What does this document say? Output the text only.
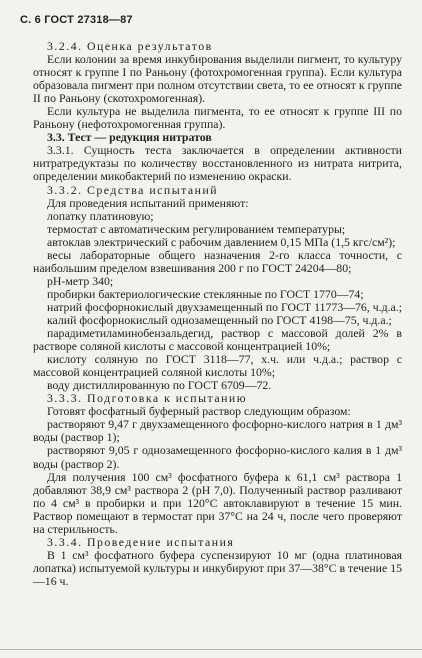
С. 6 ГОСТ 27318—87

3.2.4. Оценка результатов

Если колонии за время инкубирования выделили пигмент, то культуру относят к группе I по Раньону (фотохромогенная группа). Если культура образовала пигмент при полном отсутствии света, то ее относят к группе II по Раньону (скотохромогенная).

Если культура не выделила пигмента, то ее относят к группе III по Раньону (нефотохромогенная группа).

3.3. Тест — редукция нитратов

3.3.1. Сущность теста заключается в определении активности нитратредуктазы по количеству восстановленного из нитрата нитрита, определении микобактерий по изменению окраски.

3.3.2. Средства испытаний

Для проведения испытаний применяют:

лопатку платиновую;

термостат с автоматическим регулированием температуры;

автоклав электрический с рабочим давлением 0,15 МПа (1,5 кгс/см²);

весы лабораторные общего назначения 2-го класса точности, с наибольшим пределом взвешивания 200 г по ГОСТ 24204—80;

рН-метр 340;

пробирки бактериологические стеклянные по ГОСТ 1770—74;

натрий фосфорнокислый двухзамещенный по ГОСТ 11773—76, ч.д.а.;

калий фосфорнокислый однозамещенный по ГОСТ 4198—75, ч.д.а.;

парадиметиламинобензальдегид, раствор с массовой долей 2% в растворе соляной кислоты с массовой концентрацией 10%;

кислоту соляную по ГОСТ 3118—77, х.ч. или ч.д.а.; раствор с массовой концентрацией соляной кислоты 10%;

воду дистиллированную по ГОСТ 6709—72.

3.3.3. Подготовка к испытанию

Готовят фосфатный буферный раствор следующим образом:

растворяют 9,47 г двухзамещенного фосфорно-кислого натрия в 1 дм³ воды (раствор 1);

растворяют 9,05 г однозамещенного фосфорно-кислого калия в 1 дм³ воды (раствор 2).

Для получения 100 см³ фосфатного буфера к 61,1 см³ раствора 1 добавляют 38,9 см³ раствора 2 (рН 7,0). Полученный раствор разливают по 4 см³ в пробирки и при 120°С автоклавируют в течение 15 мин. Раствор помещают в термостат при 37°С на 24 ч, после чего проверяют на стерильность.

3.3.4. Проведение испытания

В 1 см³ фосфатного буфера суспензируют 10 мг (одна платиновая лопатка) испытуемой культуры и инкубируют при 37—38°С в течение 15—16 ч.
